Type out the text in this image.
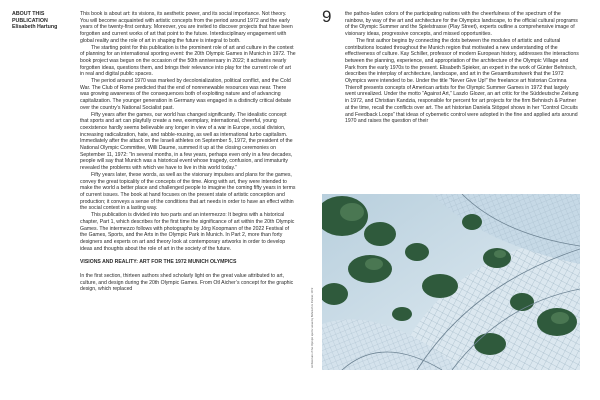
ABOUT THIS PUBLICATION
Elisabeth Hartung

This book is about art: its visions, its aesthetic power, and its social importance. Not theory. You will become acquainted with artistic concepts from the period around 1972 and the early years of the twenty-first century. Moreover, you are invited to discover projects that have been forgotten and current works of art that point to the future. Interdisciplinary engagement with global reality and the role of art in shaping the future is integral to both.

The starting point for this publication is the prominent role of art and culture in the context of planning for an international sporting event: the 20th Olympic Games in Munich in 1972. The book project was begun on the occasion of the 50th anniversary in 2022; it activates nearly forgotten ideas, questions them, and brings their relevance into play for the current role of art in real and digital public spaces.

The period around 1970 was marked by decolonialization, political conflict, and the Cold War. The Club of Rome predicted that the end of nonrenewable resources was near. There was growing awareness of the consequences both of exploiting nature and of advancing capitalization. The younger generation in Germany was engaged in a distinctly critical debate over the country’s National Socialist past.

Fifty years after the games, our world has changed significantly. The idealistic concept that sports and art can playfully create a new, exemplary, international, cheerful, young coexistence hardly seems believable any longer in view of a war in Europe, social division, increasing radicalization, hate, and rabble-rousing, as well as international turbo capitalism. Immediately after the attack on the Israeli athletes on September 5, 1972, the president of the National Olympic Committee, Willi Daume, summed it up at the closing ceremonies on September 11, 1972: “In several months, in a few years, perhaps even only in a few decades, people will say that Munich was a historical event whose tragedy, confusion, and immaturity revealed the problems with which we have to live in this world today.”

Fifty years later, these words, as well as the visionary impulses and plans for the games, convey the great topicality of the concepts of the time. Along with art, they were intended to make the world a better place and challenged people to imagine the coming fifty years in terms of current issues. The book at hand focuses on the present state of artistic conception and production; it conveys a sense of the conditions that art needs in order to have an effect within the social context in a lasting way.

This publication is divided into two parts and an intermezzo: It begins with a historical chapter, Part 1, which describes for the first time the significance of art within the 20th Olympic Games. The intermezzo follows with photographs by Jörg Koopmann of the 2022 Festival of the Games, Sports, and the Arts in the Olympic Park in Munich. In Part 2, more than forty designers and experts on art and theory look at contemporary artworks in order to develop ideas and thoughts about the role of art in the society of the future.

VISIONS AND REALITY: ART FOR THE 1972 MUNICH OLYMPICS

In the first section, thirteen authors shed scholarly light on the great value attributed to art, culture, and design during the 20th Olympic Games. From Otl Aicher’s concept for the graphic design, which replaced

9	the pathos-laden colors of the participating nations with the cheerfulness of the spectrum of the rainbow, by way of the art and architecture for the Olympics landscape, to the official cultural programs of the Olympic Summer and the Spielstrasse (Play Street), experts outline a comprehensive image of visionary ideas, progressive concepts, and missed opportunities.

The first author begins by connecting the dots between the modules of artistic and cultural contributions located throughout the Munich region that motivated a new understanding of the effectiveness of culture. Kay Schiller, professor of modern European history, addresses the interactions between the planning, experience, and appropriation of the architecture of the Olympic Village and Park from the early 1970s to the present. Elisabeth Spieker, an expert in the work of Günter Behnisch, describes the interplay of architecture, landscape, and art in the Gesamtkunstwerk that the 1972 Olympics were intended to be. Under the title “Never Give Up!” the freelance art historian Corinna Thierolf presents concepts of American artists for the Olympic Summer Games in 1972 that largely went unrealized. Under the motto “Against Art,” Laszlo Glozer, an art critic for the Süddeutsche Zeitung in 1972, and Christian Kandzia, responsible for percent for art projects for the firm Behnisch & Partner at the time, recall the conflicts over art. The art historian Daniela Stöppel shows in her “Control Circuits and Feedback Loops” that ideas of cybernetic control were adopted in the fine and applied arts around 1970 and raises the question of their

Architecture of the Olympic sports venue by Behnisch & Partner, 1972
